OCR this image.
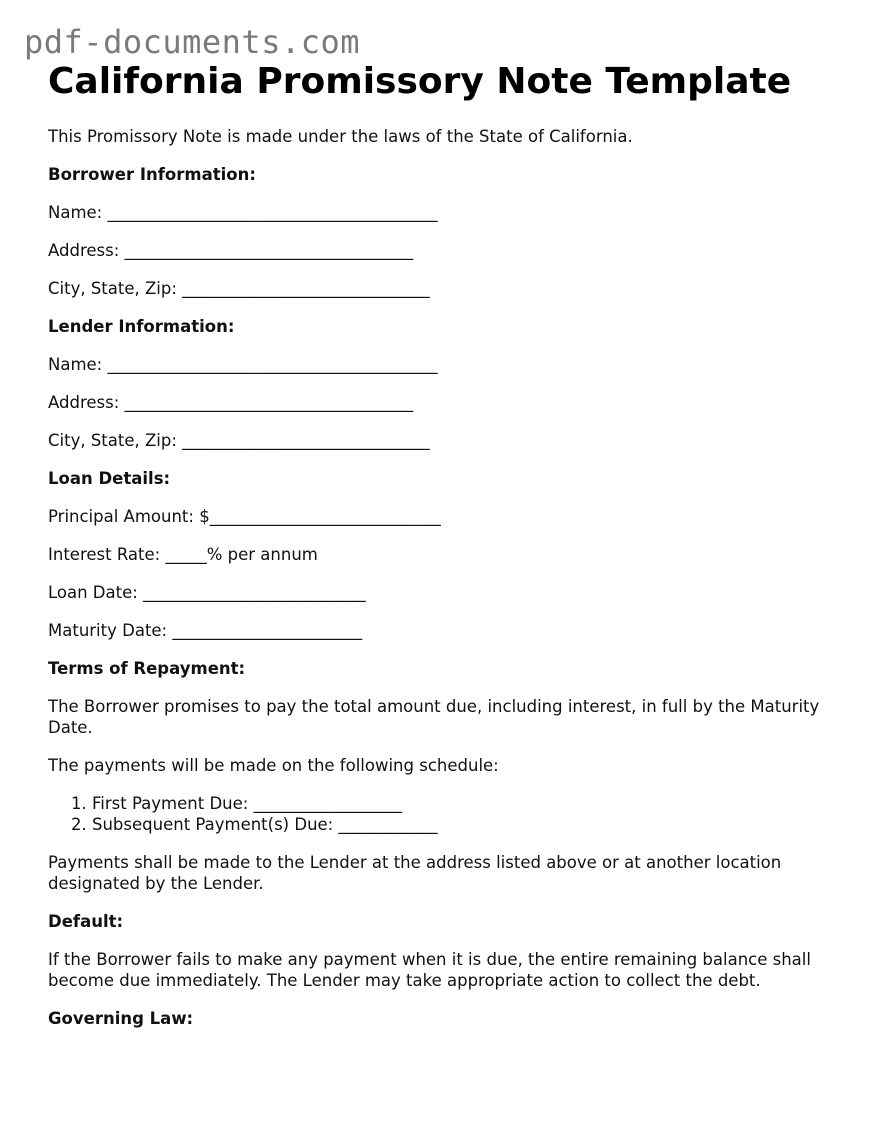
pdf-documents.com
California Promissory Note Template

This Promissory Note is made under the laws of the State of California.

Borrower Information:

Name: ________________________________________

Address: ___________________________________

City, State, Zip: ______________________________

Lender Information:

Name: ________________________________________

Address: ___________________________________

City, State, Zip: ______________________________

Loan Details:

Principal Amount: $____________________________

Interest Rate: _____% per annum

Loan Date: ___________________________

Maturity Date: _______________________

Terms of Repayment:

The Borrower promises to pay the total amount due, including interest, in full by the Maturity Date.

The payments will be made on the following schedule:

1. First Payment Due: __________________
2. Subsequent Payment(s) Due: ____________

Payments shall be made to the Lender at the address listed above or at another location designated by the Lender.

Default:

If the Borrower fails to make any payment when it is due, the entire remaining balance shall become due immediately. The Lender may take appropriate action to collect the debt.

Governing Law:
